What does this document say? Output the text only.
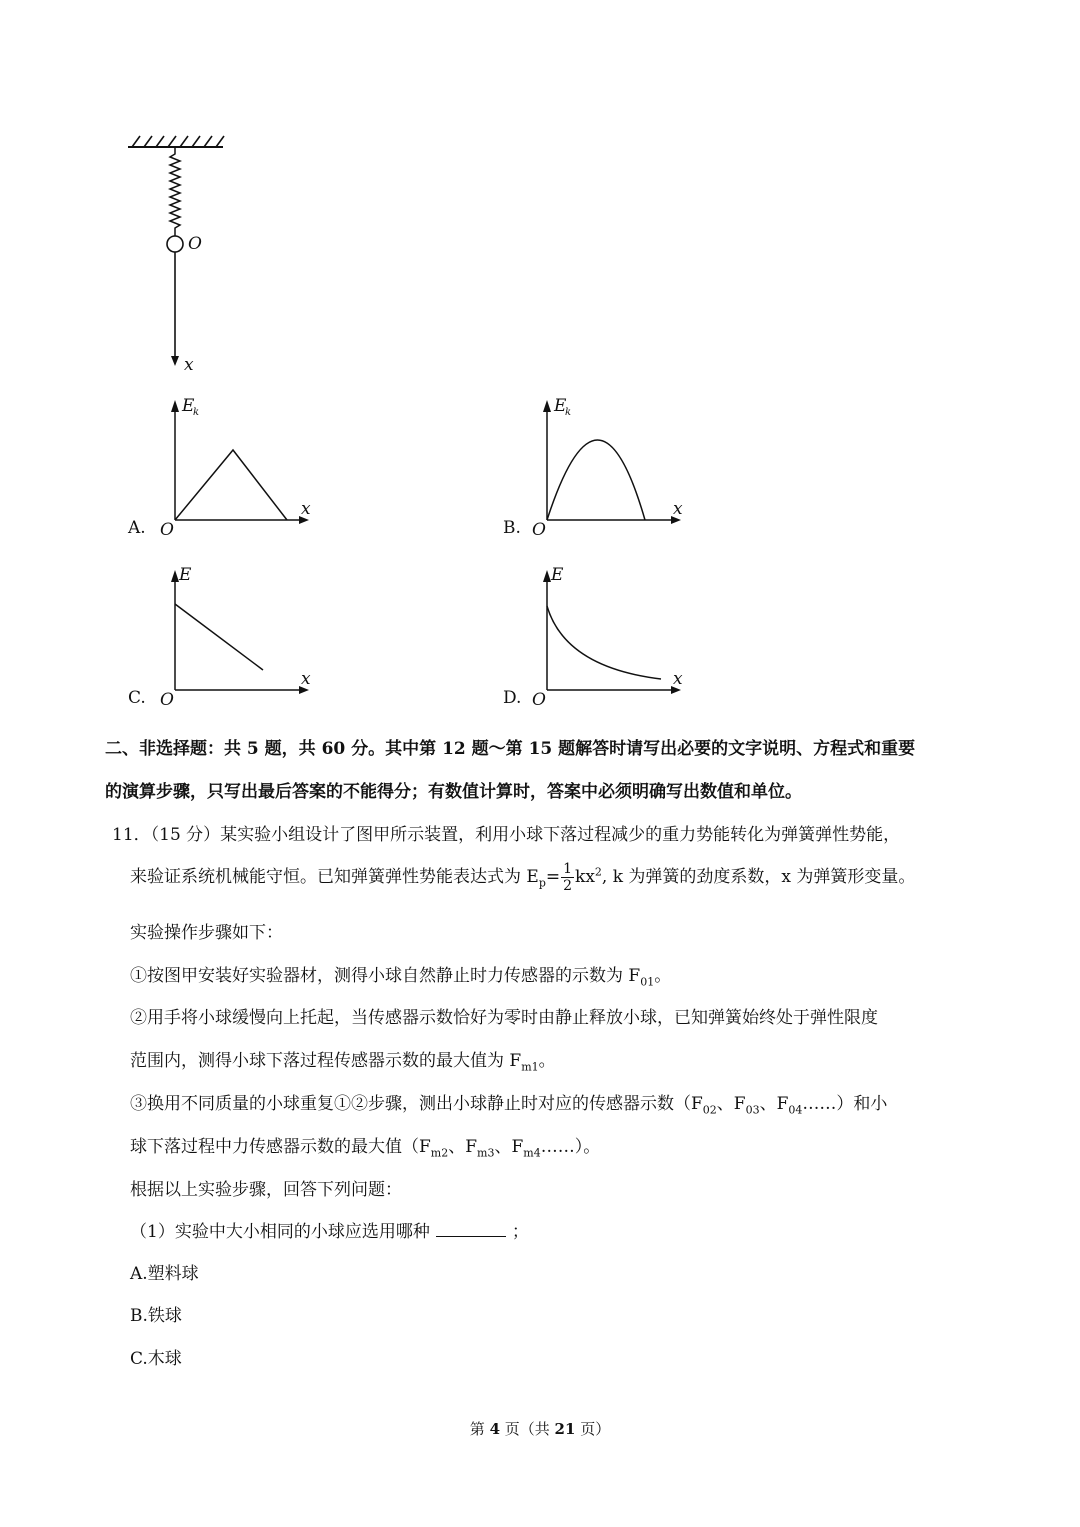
O
x
A.
E
k
O
x
B.
E
k
O
x
C.
E
O
x
D.
E
O
x
二、非选择题：共 5 题，共 60 分。其中第 12 题～第 15 题解答时请写出必要的文字说明、方程式和重要
的演算步骤，只写出最后答案的不能得分；有数值计算时，答案中必须明确写出数值和单位。
11．（15 分）某实验小组设计了图甲所示装置，利用小球下落过程减少的重力势能转化为弹簧弹性势能，
来验证系统机械能守恒。已知弹簧弹性势能表达式为 $E_p= \frac{1}{2} kx^2$, k 为弹簧的劲度系数，x 为弹簧形变量。
实验操作步骤如下：
①按图甲安装好实验器材，测得小球自然静止时力传感器的示数为 $F_{01}$。
②用手将小球缓慢向上托起，当传感器示数恰好为零时由静止释放小球，已知弹簧始终处于弹性限度
范围内，测得小球下落过程传感器示数的最大值为 $F_{m1}$。
③换用不同质量的小球重复①②步骤，测出小球静止时对应的传感器示数（$F_{02}$、$F_{03}$、$F_{04}\dots\dots$）和小
球下落过程中力传感器示数的最大值（$F_{m2}$、$F_{m3}$、$F_{m4}\dots\dots$）。
根据以上实验步骤，回答下列问题：
（1）实验中大小相同的小球应选用哪种	；
A.塑料球
B.铁球
C.木球
第 4 页（共 21 页）
